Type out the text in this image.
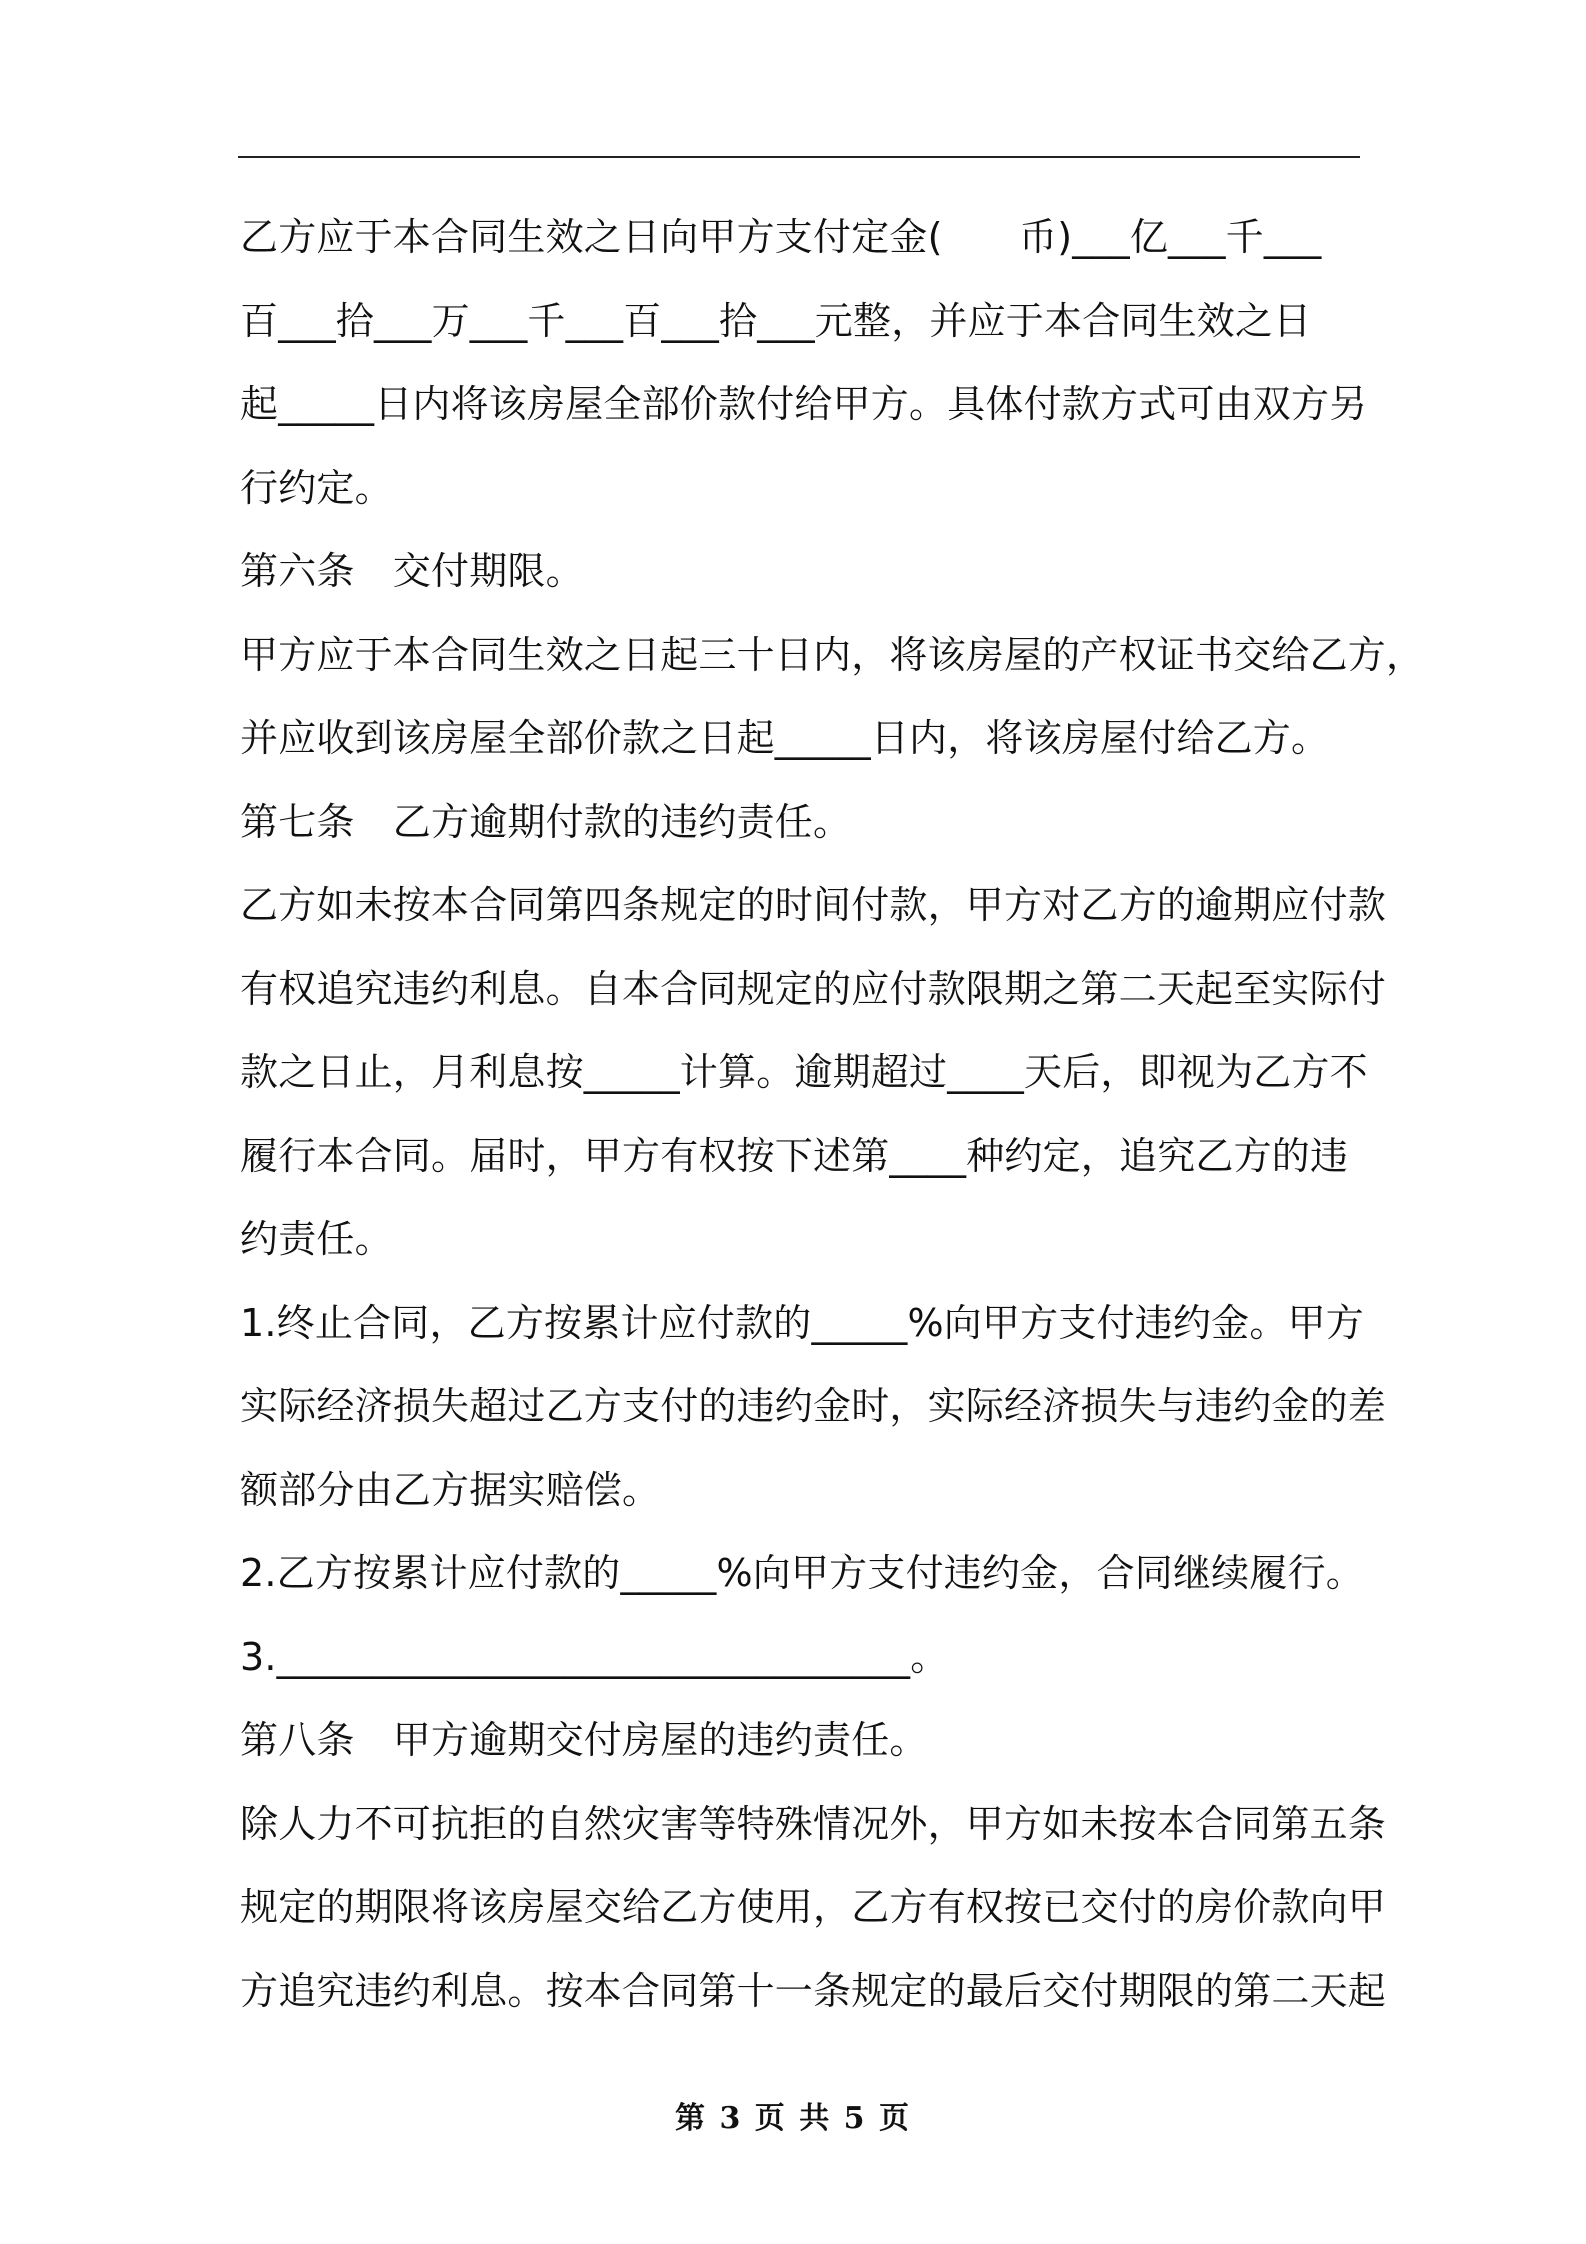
乙方应于本合同生效之日向甲方支付定金(　　币)___亿___千___
百___拾___万___千___百___拾___元整，并应于本合同生效之日
起_____日内将该房屋全部价款付给甲方。具体付款方式可由双方另
行约定。
第六条　交付期限。
甲方应于本合同生效之日起三十日内，将该房屋的产权证书交给乙方，
并应收到该房屋全部价款之日起_____日内，将该房屋付给乙方。
第七条　乙方逾期付款的违约责任。
乙方如未按本合同第四条规定的时间付款，甲方对乙方的逾期应付款
有权追究违约利息。自本合同规定的应付款限期之第二天起至实际付
款之日止，月利息按_____计算。逾期超过____天后，即视为乙方不
履行本合同。届时，甲方有权按下述第____种约定，追究乙方的违
约责任。
1.终止合同，乙方按累计应付款的_____%向甲方支付违约金。甲方
实际经济损失超过乙方支付的违约金时，实际经济损失与违约金的差
额部分由乙方据实赔偿。
2.乙方按累计应付款的_____%向甲方支付违约金，合同继续履行。
3._________________________________。
第八条　甲方逾期交付房屋的违约责任。
除人力不可抗拒的自然灾害等特殊情况外，甲方如未按本合同第五条
规定的期限将该房屋交给乙方使用，乙方有权按已交付的房价款向甲
方追究违约利息。按本合同第十一条规定的最后交付期限的第二天起
第 3 页 共 5 页
